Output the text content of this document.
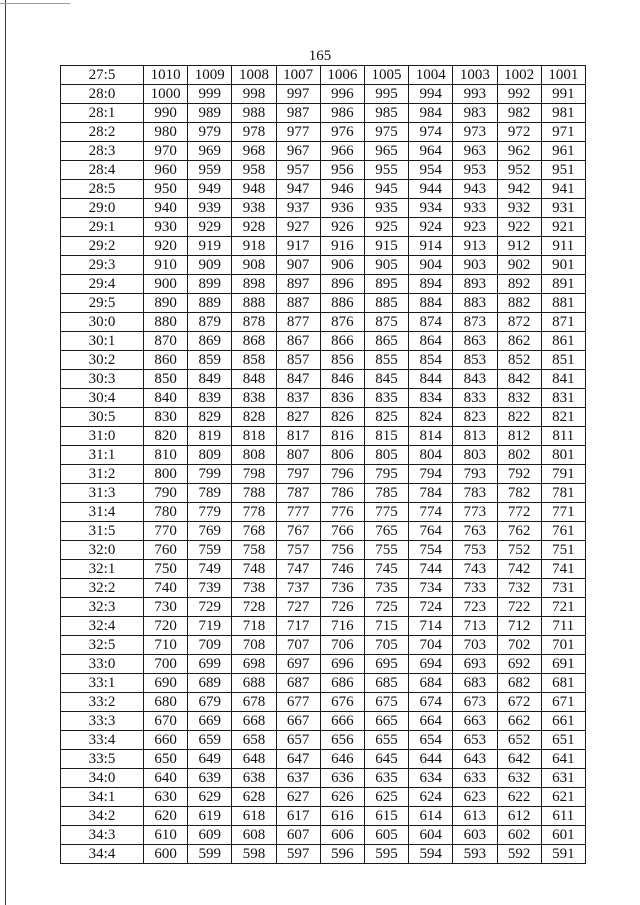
165
27:5	1010	1009	1008	1007	1006	1005	1004	1003	1002	1001
28:0	1000	999	998	997	996	995	994	993	992	991
28:1	990	989	988	987	986	985	984	983	982	981
28:2	980	979	978	977	976	975	974	973	972	971
28:3	970	969	968	967	966	965	964	963	962	961
28:4	960	959	958	957	956	955	954	953	952	951
28:5	950	949	948	947	946	945	944	943	942	941
29:0	940	939	938	937	936	935	934	933	932	931
29:1	930	929	928	927	926	925	924	923	922	921
29:2	920	919	918	917	916	915	914	913	912	911
29:3	910	909	908	907	906	905	904	903	902	901
29:4	900	899	898	897	896	895	894	893	892	891
29:5	890	889	888	887	886	885	884	883	882	881
30:0	880	879	878	877	876	875	874	873	872	871
30:1	870	869	868	867	866	865	864	863	862	861
30:2	860	859	858	857	856	855	854	853	852	851
30:3	850	849	848	847	846	845	844	843	842	841
30:4	840	839	838	837	836	835	834	833	832	831
30:5	830	829	828	827	826	825	824	823	822	821
31:0	820	819	818	817	816	815	814	813	812	811
31:1	810	809	808	807	806	805	804	803	802	801
31:2	800	799	798	797	796	795	794	793	792	791
31:3	790	789	788	787	786	785	784	783	782	781
31:4	780	779	778	777	776	775	774	773	772	771
31:5	770	769	768	767	766	765	764	763	762	761
32:0	760	759	758	757	756	755	754	753	752	751
32:1	750	749	748	747	746	745	744	743	742	741
32:2	740	739	738	737	736	735	734	733	732	731
32:3	730	729	728	727	726	725	724	723	722	721
32:4	720	719	718	717	716	715	714	713	712	711
32:5	710	709	708	707	706	705	704	703	702	701
33:0	700	699	698	697	696	695	694	693	692	691
33:1	690	689	688	687	686	685	684	683	682	681
33:2	680	679	678	677	676	675	674	673	672	671
33:3	670	669	668	667	666	665	664	663	662	661
33:4	660	659	658	657	656	655	654	653	652	651
33:5	650	649	648	647	646	645	644	643	642	641
34:0	640	639	638	637	636	635	634	633	632	631
34:1	630	629	628	627	626	625	624	623	622	621
34:2	620	619	618	617	616	615	614	613	612	611
34:3	610	609	608	607	606	605	604	603	602	601
34:4	600	599	598	597	596	595	594	593	592	591
